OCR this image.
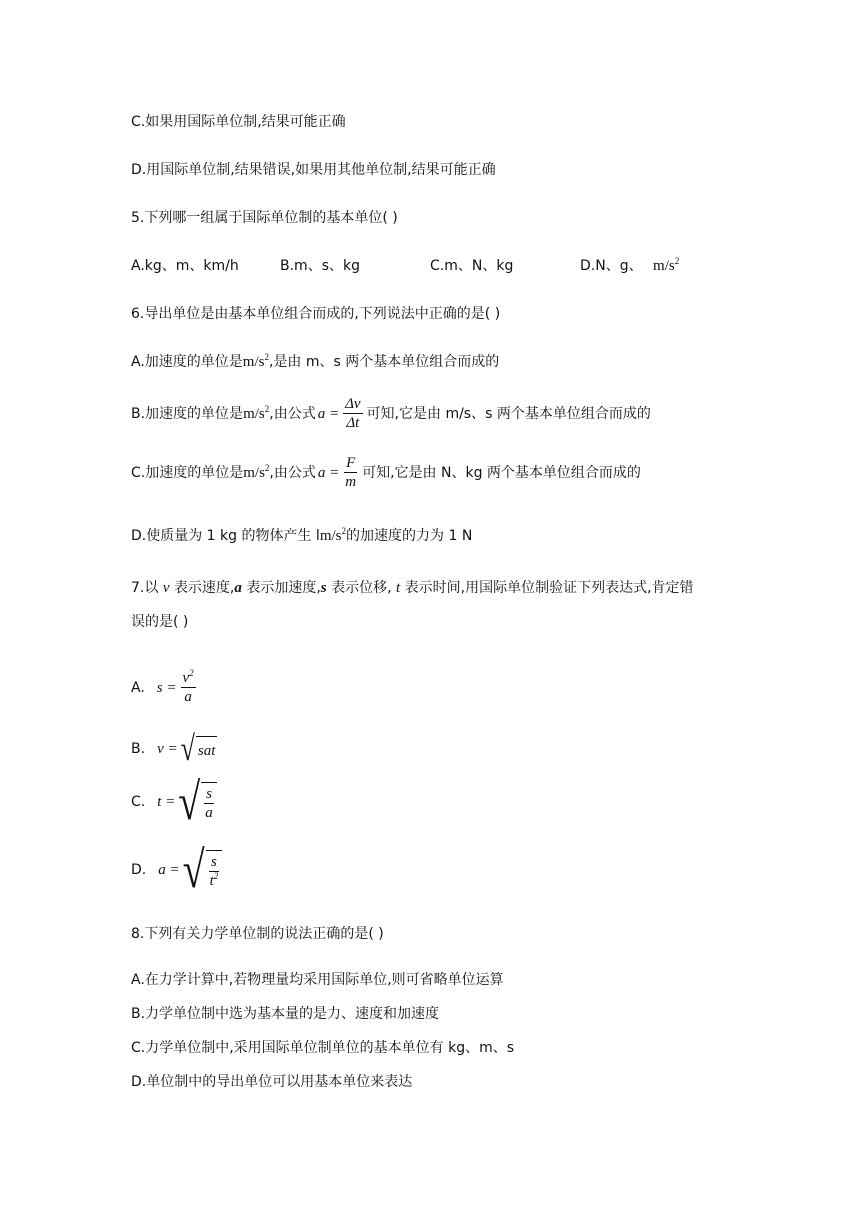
C.如果用国际单位制,结果可能正确
D.用国际单位制,结果错误,如果用其他单位制,结果可能正确
5.下列哪一组属于国际单位制的基本单位( )
A.kg、m、km/h	B.m、s、kg	C.m、N、kg	D.N、g、 $m/s^2$
6.导出单位是由基本单位组合而成的,下列说法中正确的是( )
A.加速度的单位是$m/s^2$,是由 m、s 两个基本单位组合而成的
B.加速度的单位是 $m/s^2$ ,由公式 $a = \frac{\Delta v}{\Delta t}$ 可知,它是由 m/s、s 两个基本单位组合而成的
C.加速度的单位是 $m/s^2$ ,由公式 $a = \frac{F}{m}$ 可知,它是由 N、kg 两个基本单位组合而成的
D.使质量为 1 kg 的物体产生 $lm/s^2$的加速度的力为 1 N
7.以 v 表示速度,a 表示加速度,s 表示位移, t 表示时间,用国际单位制验证下列表达式,肯定错
误的是( )
A. $s = \frac{v^2}{a}$
B. v = √ sat
C. t = √ $\frac{s}{a}$
D. a = √ $\frac{s}{t^2}$
8.下列有关力学单位制的说法正确的是( )
A.在力学计算中,若物理量均采用国际单位,则可省略单位运算
B.力学单位制中选为基本量的是力、速度和加速度
C.力学单位制中,采用国际单位制单位的基本单位有 kg、m、s
D.单位制中的导出单位可以用基本单位来表达
